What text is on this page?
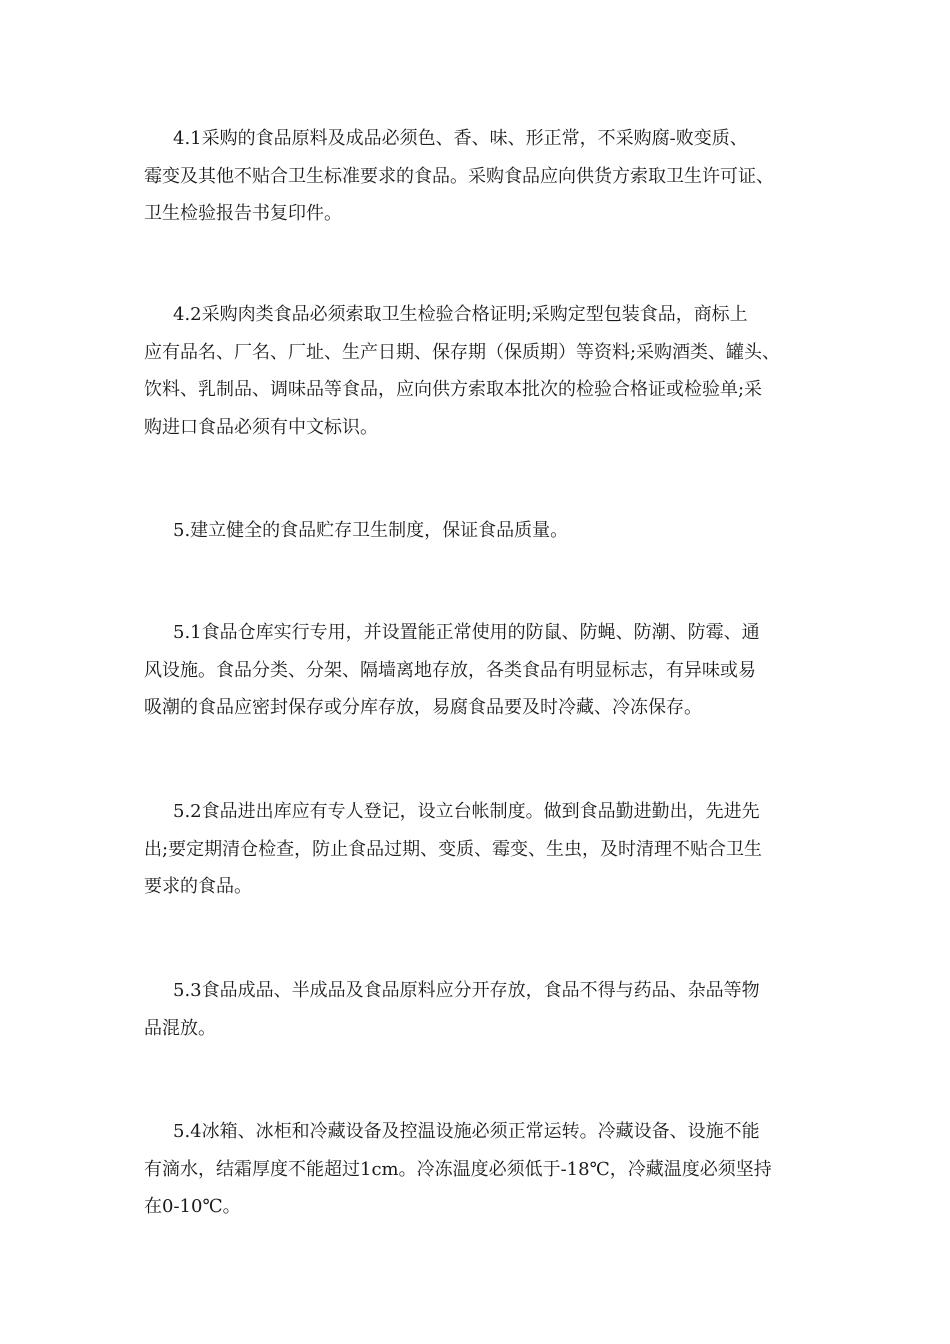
4.1采购的食品原料及成品必须色、香、味、形正常，不采购腐-败变质、
霉变及其他不贴合卫生标准要求的食品。采购食品应向供货方索取卫生许可证、
卫生检验报告书复印件。

4.2采购肉类食品必须索取卫生检验合格证明;采购定型包装食品，商标上
应有品名、厂名、厂址、生产日期、保存期（保质期）等资料;采购酒类、罐头、
饮料、乳制品、调味品等食品，应向供方索取本批次的检验合格证或检验单;采
购进口食品必须有中文标识。

5.建立健全的食品贮存卫生制度，保证食品质量。

5.1食品仓库实行专用，并设置能正常使用的防鼠、防蝇、防潮、防霉、通
风设施。食品分类、分架、隔墙离地存放，各类食品有明显标志，有异味或易
吸潮的食品应密封保存或分库存放，易腐食品要及时冷藏、冷冻保存。

5.2食品进出库应有专人登记，设立台帐制度。做到食品勤进勤出，先进先
出;要定期清仓检查，防止食品过期、变质、霉变、生虫，及时清理不贴合卫生
要求的食品。

5.3食品成品、半成品及食品原料应分开存放，食品不得与药品、杂品等物
品混放。

5.4冰箱、冰柜和冷藏设备及控温设施必须正常运转。冷藏设备、设施不能
有滴水，结霜厚度不能超过1cm。冷冻温度必须低于-18℃，冷藏温度必须坚持
在0-10℃。
